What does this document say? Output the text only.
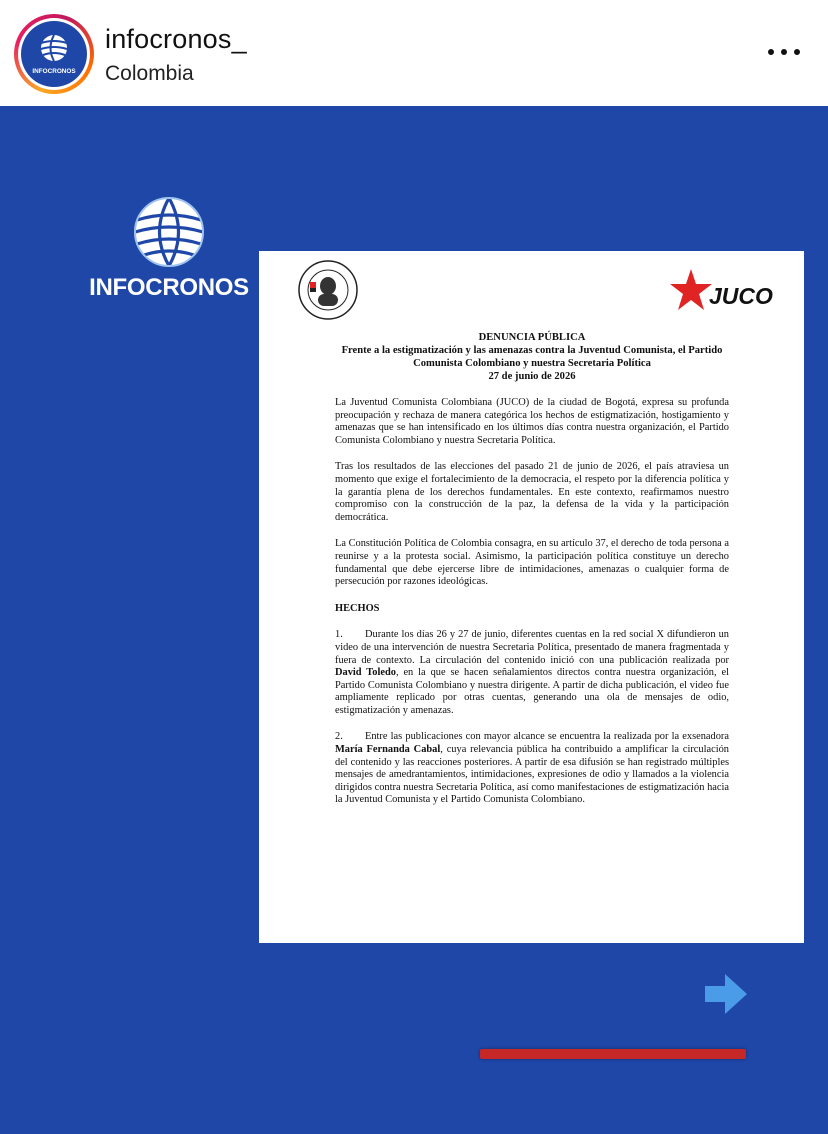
INFOCRONOS
infocronos_
Colombia
INFOCRONOS	JUCO
DENUNCIA PÚBLICA
Frente a la estigmatización y las amenazas contra la Juventud Comunista, el Partido Comunista Colombiano y nuestra Secretaria Política
27 de junio de 2026

La Juventud Comunista Colombiana (JUCO) de la ciudad de Bogotá, expresa su profunda preocupación y rechaza de manera categórica los hechos de estigmatización, hostigamiento y amenazas que se han intensificado en los últimos días contra nuestra organización, el Partido Comunista Colombiano y nuestra Secretaria Política.

Tras los resultados de las elecciones del pasado 21 de junio de 2026, el país atraviesa un momento que exige el fortalecimiento de la democracia, el respeto por la diferencia política y la garantía plena de los derechos fundamentales. En este contexto, reafirmamos nuestro compromiso con la construcción de la paz, la defensa de la vida y la participación democrática.

La Constitución Política de Colombia consagra, en su artículo 37, el derecho de toda persona a reunirse y a la protesta social. Asimismo, la participación política constituye un derecho fundamental que debe ejercerse libre de intimidaciones, amenazas o cualquier forma de persecución por razones ideológicas.

HECHOS

1. Durante los días 26 y 27 de junio, diferentes cuentas en la red social X difundieron un video de una intervención de nuestra Secretaria Política, presentado de manera fragmentada y fuera de contexto. La circulación del contenido inició con una publicación realizada por David Toledo, en la que se hacen señalamientos directos contra nuestra organización, el Partido Comunista Colombiano y nuestra dirigente. A partir de dicha publicación, el video fue ampliamente replicado por otras cuentas, generando una ola de mensajes de odio, estigmatización y amenazas.

2. Entre las publicaciones con mayor alcance se encuentra la realizada por la exsenadora María Fernanda Cabal, cuya relevancia pública ha contribuido a amplificar la circulación del contenido y las reacciones posteriores. A partir de esa difusión se han registrado múltiples mensajes de amedrantamientos, intimidaciones, expresiones de odio y llamados a la violencia dirigidos contra nuestra Secretaria Política, así como manifestaciones de estigmatización hacia la Juventud Comunista y el Partido Comunista Colombiano.
